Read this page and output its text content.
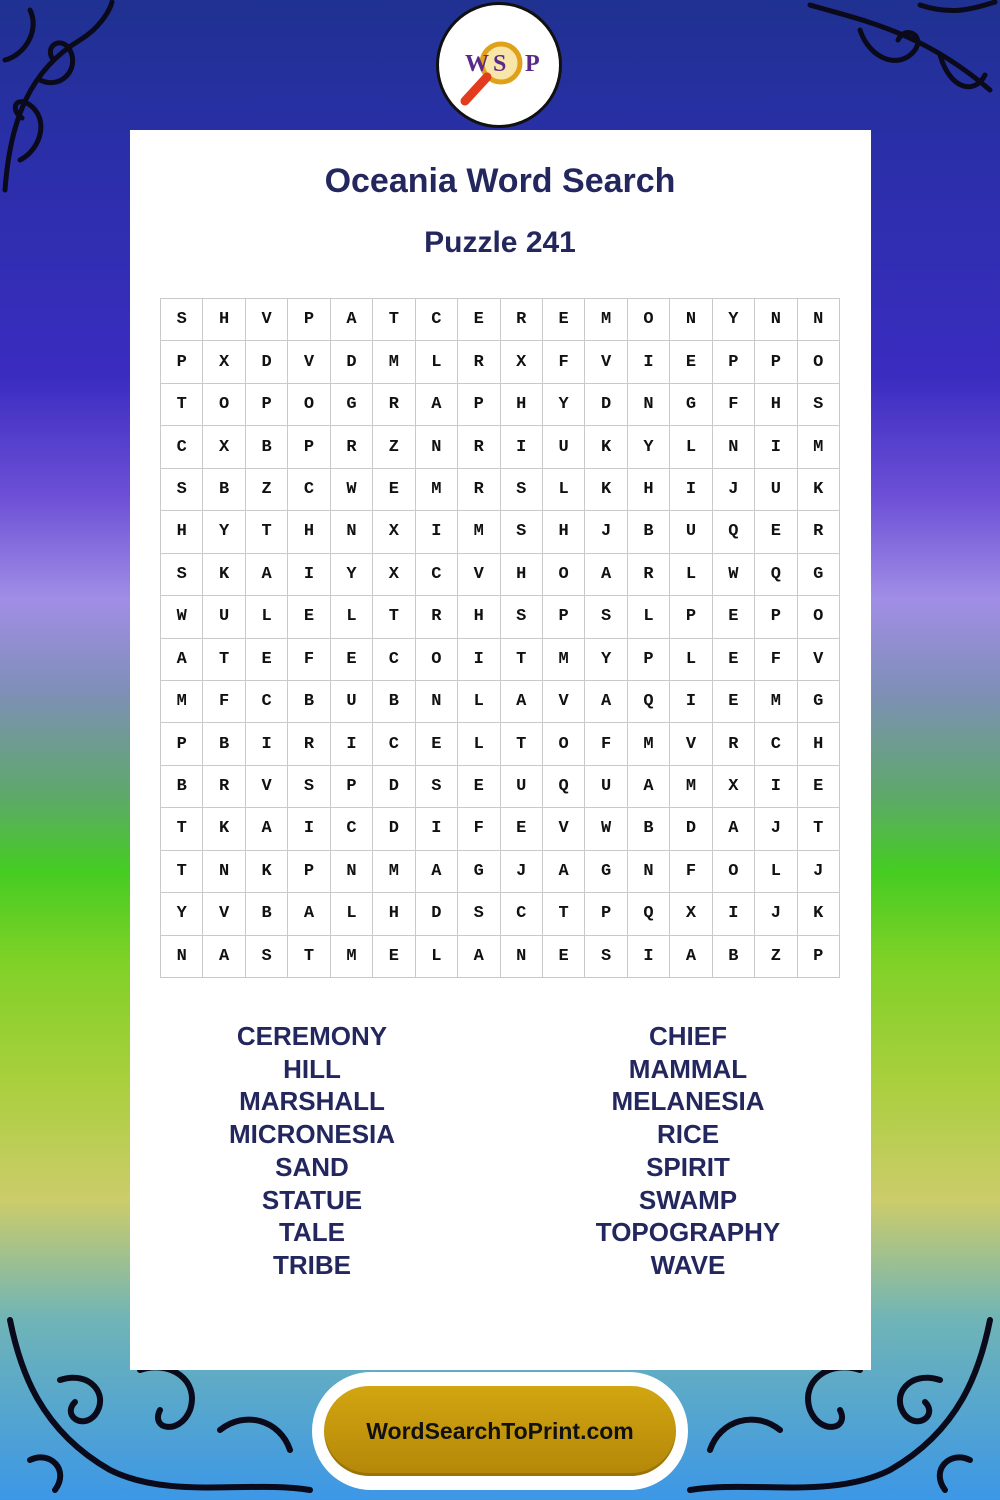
W S P
Oceania Word Search
Puzzle 241
S	H	V	P	A	T	C	E	R	E	M	O	N	Y	N	N
P	X	D	V	D	M	L	R	X	F	V	I	E	P	P	O
T	O	P	O	G	R	A	P	H	Y	D	N	G	F	H	S
C	X	B	P	R	Z	N	R	I	U	K	Y	L	N	I	M
S	B	Z	C	W	E	M	R	S	L	K	H	I	J	U	K
H	Y	T	H	N	X	I	M	S	H	J	B	U	Q	E	R
S	K	A	I	Y	X	C	V	H	O	A	R	L	W	Q	G
W	U	L	E	L	T	R	H	S	P	S	L	P	E	P	O
A	T	E	F	E	C	O	I	T	M	Y	P	L	E	F	V
M	F	C	B	U	B	N	L	A	V	A	Q	I	E	M	G
P	B	I	R	I	C	E	L	T	O	F	M	V	R	C	H
B	R	V	S	P	D	S	E	U	Q	U	A	M	X	I	E
T	K	A	I	C	D	I	F	E	V	W	B	D	A	J	T
T	N	K	P	N	M	A	G	J	A	G	N	F	O	L	J
Y	V	B	A	L	H	D	S	C	T	P	Q	X	I	J	K
N	A	S	T	M	E	L	A	N	E	S	I	A	B	Z	P
CEREMONY
HILL
MARSHALL
MICRONESIA
SAND
STATUE
TALE
TRIBE
CHIEF
MAMMAL
MELANESIA
RICE
SPIRIT
SWAMP
TOPOGRAPHY
WAVE
WordSearchToPrint.com
